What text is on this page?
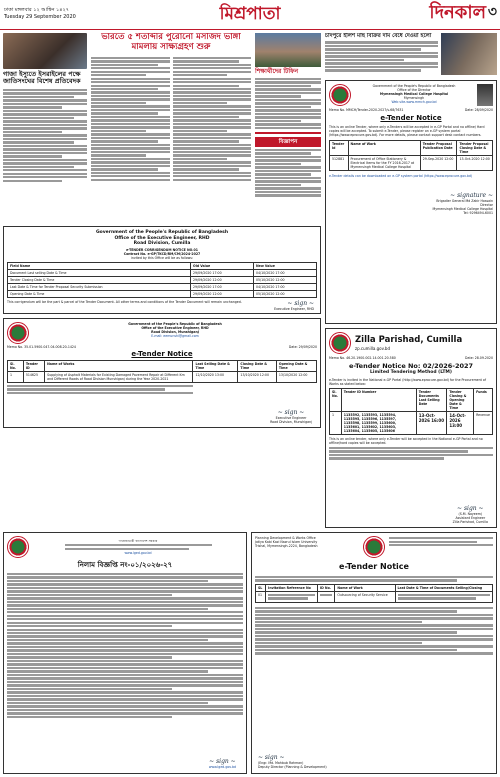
ঢাকা মঙ্গলবার ১২ আশ্বিন ১৪২৭
Tuesday 29 September 2020	মিশ্রপাতা	দিনকাল ৩
গাজা ইস্যুতে ইসরাইলের পক্ষে জাতিসংঘের বিশেষ প্রতিবেদক
ভারতে ৫ শতাব্দীর পুরোনো মসজিদ ভাঙ্গা মামলায় সাক্ষ্যগ্রহণ শুরু
শিক্ষার্থীদের টিফিন
বিজ্ঞাপন
চাঁদপুরে ইলিশ মাছ বিক্রির দাম বেঁধে দেওয়া হলো
Government of the People's Republic of Bangladesh
Office of the Director
Mymensingh Medical College Hospital
Mymensingh
Web site-www.mmch.gov.bd
Memo No. MMCH/Tender-2020-2027/s-68/7631	Date: 28/09/2020
e-Tender Notice
This is an online Tender, where only e-Tenders will be accepted in e-GP Portal and no offline/ Hard copies will be accepted. To submit e-Tender, please register on e-GP system portal (https://www.eprocure.gov.bd). For more details, please contact support desk contact numbers.
Tender Id	Name of Work	Tender Proposal Publication Date	Tender Proposal Closing Date & Time
512881	Procurement of Office Stationery & Electrical Items for the FY 2016-2017 at Mymensingh Medical College Hospital	29-Sep-2020 12:00	13-Oct-2020 12:00
e-Tender details can be downloaded on e-GP system portal (https://www.eprocure.gov.bd)
~ signature ~
Brigadier General Md Zakir Hossain
Director
Mymensingh Medical College Hospital
Tel: 9296494-6001
Government of the People's Republic of Bangladesh
Office of the Executive Engineer, RHD
Road Division, Cumilla
e-TENDER CORRIGENDUM NOTICE NO.01
Contract No. e-GP/TKCD/RM/CM/2024-2027
invited by this Office will be as follows:
Field Name	Old Value	New Value
Document Last selling Date & Time	29/09/2020 17:00	04/10/2020 17:00
Tender Closing Date & Time	29/09/2020 12:00	05/10/2020 12:00
Last Date & Time for Tender Proposal Security Submission	29/09/2020 17:00	04/10/2020 17:00
Opening Date & Time	29/09/2020 12:00	05/10/2020 12:00
This corrigendum will be the part & parcel of the Tender Document. All other terms and conditions of the Tender Document will remain unchanged.	~ sign ~
Executive Engineer, RHD
Government of the People's Republic of Bangladesh
Office of the Executive Engineer, RHD
Road Division, Munshiganj
E-mail: eemunshi@gmail.com
Memo No. 35.01.5900.047.04.008.20-1424	Date: 29/09/2020
e-Tender Notice
Sl. No.	Tender ID	Name of Works	Last Selling Date & Time	Closing Date & Time	Opening Date & Time
1	514625	Supplying of Asphalt Materials for Existing Damaged Pavement Repair at Different Km and Different Roads of Road Division Munshiganj during the Year 2020-2021	12/10/2020 13:00	13/10/2020 12:00	13/10/2020 12:00
~ sign ~
Executive Engineer
Road Division, Munshiganj
Zilla Parishad, Cumilla
zp.cumilla.gov.bd
Memo No. 46.20.1900.002.14.001.20.580	Date: 28.09.2020
e-Tender Notice No: 02/2026-2027
Limited Tendering Method (LTM)
e-Tender is invited in the National e-GP Portal (http://www.eprocure.gov.bd) for the Procurement of Works as stated below:
Sl. No.	Tender ID Number	Tender Documents Last Selling Date	Tender Closing & Opening Date & Time	Funds
1	1135592, 1135593, 1135594, 1135595, 1135596, 1135597, 1135598, 1135599, 1135600, 1135601, 1135602, 1135603, 1135604, 1135605, 1135606	13-Oct-2026 16:00	14-Oct-2026 13:00	Revenue
This is an online tender, where only e-Tender will be accepted in the National e-GP Portal and no offline/hard copies will be accepted.
~ sign ~
(S.M. Nayeem)
Assistant Engineer
Zilla Parishad, Cumilla
গণপ্রজাতন্ত্রী বাংলাদেশ সরকার
www.lged.gov.bd
নিলাম বিজ্ঞপ্তি নং-০১/২০২৬-২৭
~ sign ~
www.lged.gov.bd
Planning Development & Works Office
Jatiya Kabi Kazi Nazrul Islam University
Trishal, Mymensingh-2224, Bangladesh
e-Tender Notice
SL	Invitation Reference No	ID No.	Name of Work	Last Date & Time of Documents Selling/Closing
01			Outsourcing of Security Service	
~ sign ~
(Engr. Md. Mahbub Rahman)
Deputy Director (Planning & Development)
